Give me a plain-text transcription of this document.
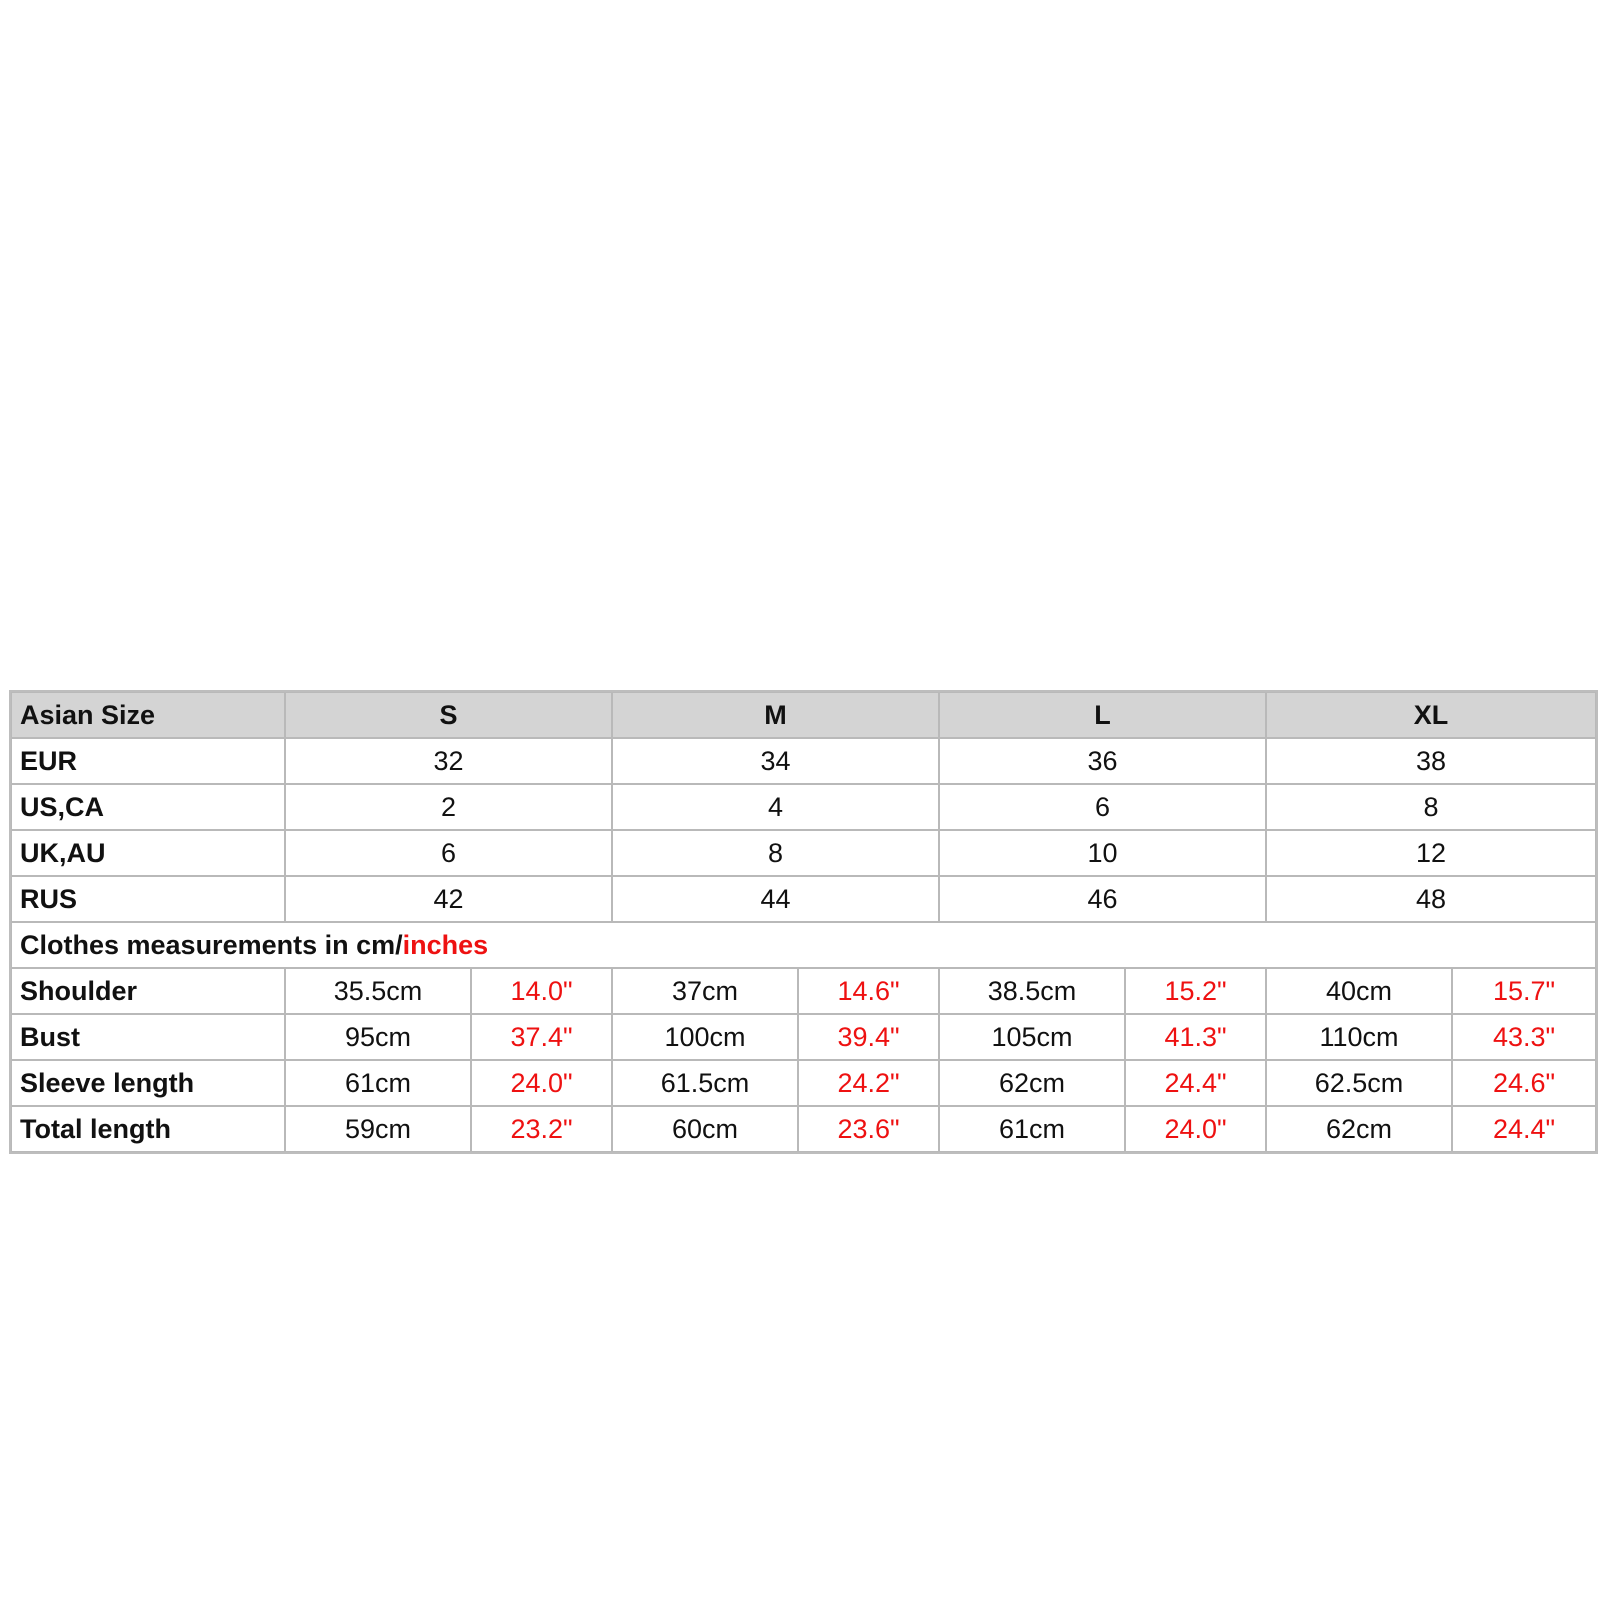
Asian Size	S		M		L		XL	
EUR	32		34		36		38	
US,CA	2		4		6		8	
UK,AU	6		8		10		12	
RUS	42		44		46		48	
Clothes measurements in cm/inches								
Shoulder	35.5cm	14.0"	37cm	14.6"	38.5cm	15.2"	40cm	15.7"
Bust	95cm	37.4"	100cm	39.4"	105cm	41.3"	110cm	43.3"
Sleeve length	61cm	24.0"	61.5cm	24.2"	62cm	24.4"	62.5cm	24.6"
Total length	59cm	23.2"	60cm	23.6"	61cm	24.0"	62cm	24.4"
